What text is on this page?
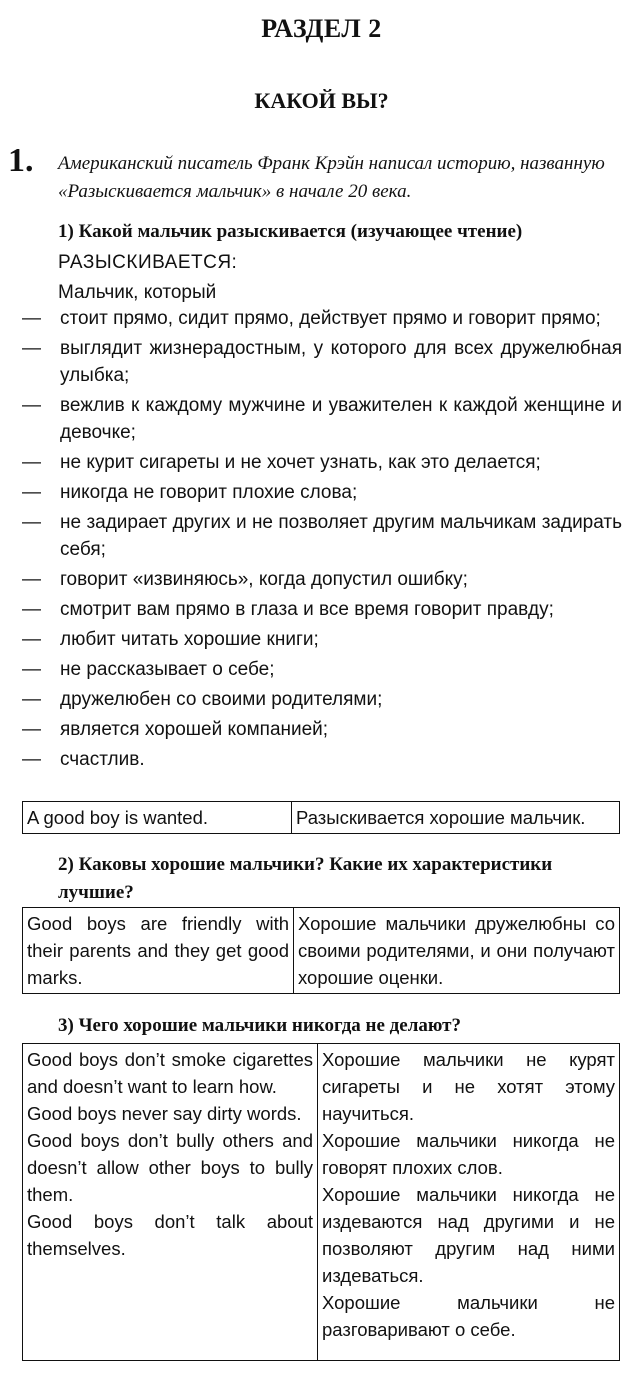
РАЗДЕЛ 2
КАКОЙ ВЫ?
1. Американский писатель Франк Крэйн написал историю, названную «Разыскивается мальчик» в начале 20 века.
1) Какой мальчик разыскивается (изучающее чтение)
РАЗЫСКИВАЕТСЯ:
Мальчик, который
— стоит прямо, сидит прямо, действует прямо и говорит прямо;
— выглядит жизнерадостным, у которого для всех дружелюбная улыбка;
— вежлив к каждому мужчине и уважителен к каждой женщине и девочке;
— не курит сигареты и не хочет узнать, как это делается;
— никогда не говорит плохие слова;
— не задирает других и не позволяет другим мальчикам задирать себя;
— говорит «извиняюсь», когда допустил ошибку;
— смотрит вам прямо в глаза и все время говорит правду;
— любит читать хорошие книги;
— не рассказывает о себе;
— дружелюбен со своими родителями;
— является хорошей компанией;
— счастлив.
A good boy is wanted.	Разыскивается хорошие мальчик.
2) Каковы хорошие мальчики? Какие их характеристики лучшие?
Good boys are friendly with their parents and they get good marks.	Хорошие мальчики дружелюбны со своими родителями, и они получают хорошие оценки.
3) Чего хорошие мальчики никогда не делают?
Good boys don’t smoke cigarettes and doesn’t want to learn how.
Good boys never say dirty words.
Good boys don’t bully others and doesn’t allow other boys to bully them.
Good boys don’t talk about themselves.

Хорошие мальчики не курят сигареты и не хотят этому научиться.
Хорошие мальчики никогда не говорят плохих слов.
Хорошие мальчики никогда не издеваются над другими и не позволяют другим над ними издеваться.
Хорошие мальчики не разговаривают о себе.
